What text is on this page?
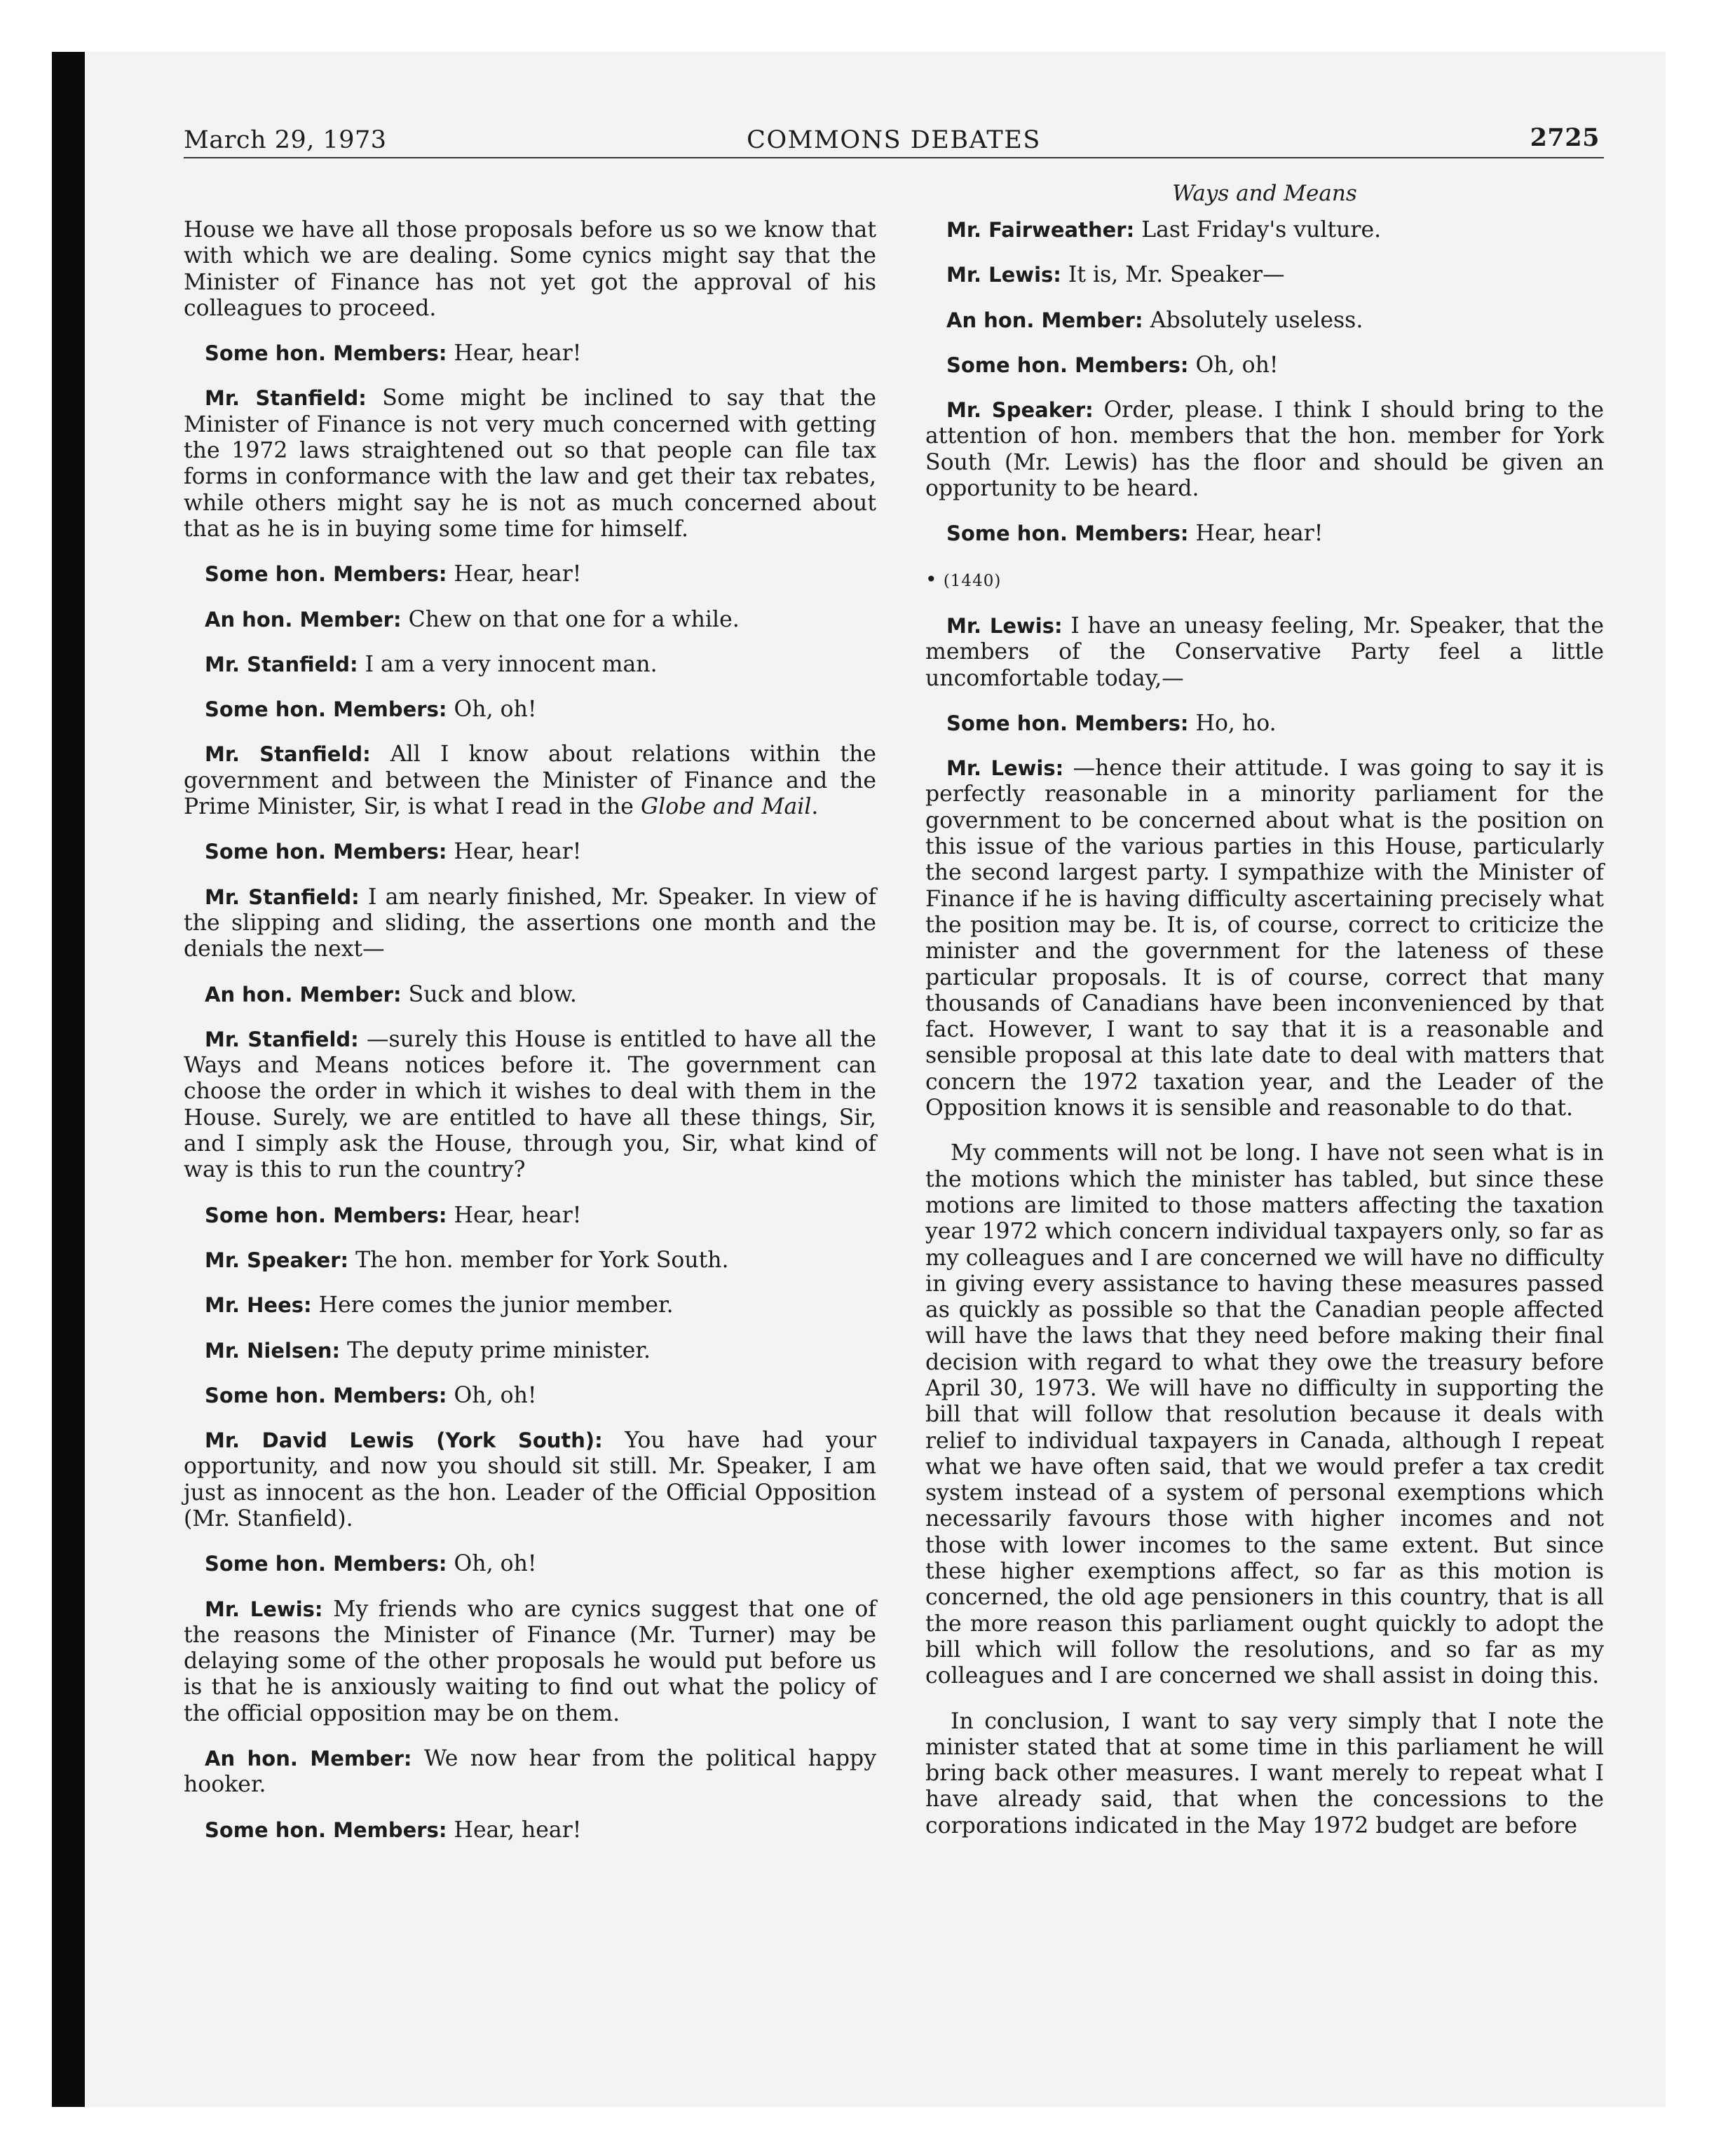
March 29, 1973	COMMONS DEBATES	2725
Ways and Means

House we have all those proposals before us so we know that with which we are dealing. Some cynics might say that the Minister of Finance has not yet got the approval of his colleagues to proceed.

Some hon. Members: Hear, hear!

Mr. Stanfield: Some might be inclined to say that the Minister of Finance is not very much concerned with getting the 1972 laws straightened out so that people can file tax forms in conformance with the law and get their tax rebates, while others might say he is not as much concerned about that as he is in buying some time for himself.

Some hon. Members: Hear, hear!

An hon. Member: Chew on that one for a while.

Mr. Stanfield: I am a very innocent man.

Some hon. Members: Oh, oh!

Mr. Stanfield: All I know about relations within the government and between the Minister of Finance and the Prime Minister, Sir, is what I read in the Globe and Mail.

Some hon. Members: Hear, hear!

Mr. Stanfield: I am nearly finished, Mr. Speaker. In view of the slipping and sliding, the assertions one month and the denials the next—

An hon. Member: Suck and blow.

Mr. Stanfield: —surely this House is entitled to have all the Ways and Means notices before it. The government can choose the order in which it wishes to deal with them in the House. Surely, we are entitled to have all these things, Sir, and I simply ask the House, through you, Sir, what kind of way is this to run the country?

Some hon. Members: Hear, hear!

Mr. Speaker: The hon. member for York South.

Mr. Hees: Here comes the junior member.

Mr. Nielsen: The deputy prime minister.

Some hon. Members: Oh, oh!

Mr. David Lewis (York South): You have had your opportunity, and now you should sit still. Mr. Speaker, I am just as innocent as the hon. Leader of the Official Opposition (Mr. Stanfield).

Some hon. Members: Oh, oh!

Mr. Lewis: My friends who are cynics suggest that one of the reasons the Minister of Finance (Mr. Turner) may be delaying some of the other proposals he would put before us is that he is anxiously waiting to find out what the policy of the official opposition may be on them.

An hon. Member: We now hear from the political happy hooker.

Some hon. Members: Hear, hear!

Mr. Fairweather: Last Friday's vulture.

Mr. Lewis: It is, Mr. Speaker—

An hon. Member: Absolutely useless.

Some hon. Members: Oh, oh!

Mr. Speaker: Order, please. I think I should bring to the attention of hon. members that the hon. member for York South (Mr. Lewis) has the floor and should be given an opportunity to be heard.

Some hon. Members: Hear, hear!

• (1440)

Mr. Lewis: I have an uneasy feeling, Mr. Speaker, that the members of the Conservative Party feel a little uncomfortable today,—

Some hon. Members: Ho, ho.

Mr. Lewis: —hence their attitude. I was going to say it is perfectly reasonable in a minority parliament for the government to be concerned about what is the position on this issue of the various parties in this House, particularly the second largest party. I sympathize with the Minister of Finance if he is having difficulty ascertaining precisely what the position may be. It is, of course, correct to criticize the minister and the government for the lateness of these particular proposals. It is of course, correct that many thousands of Canadians have been inconvenienced by that fact. However, I want to say that it is a reasonable and sensible proposal at this late date to deal with matters that concern the 1972 taxation year, and the Leader of the Opposition knows it is sensible and reasonable to do that.

My comments will not be long. I have not seen what is in the motions which the minister has tabled, but since these motions are limited to those matters affecting the taxation year 1972 which concern individual taxpayers only, so far as my colleagues and I are concerned we will have no difficulty in giving every assistance to having these measures passed as quickly as possible so that the Canadian people affected will have the laws that they need before making their final decision with regard to what they owe the treasury before April 30, 1973. We will have no difficulty in supporting the bill that will follow that resolution because it deals with relief to individual taxpayers in Canada, although I repeat what we have often said, that we would prefer a tax credit system instead of a system of personal exemptions which necessarily favours those with higher incomes and not those with lower incomes to the same extent. But since these higher exemptions affect, so far as this motion is concerned, the old age pensioners in this country, that is all the more reason this parliament ought quickly to adopt the bill which will follow the resolutions, and so far as my colleagues and I are concerned we shall assist in doing this.

In conclusion, I want to say very simply that I note the minister stated that at some time in this parliament he will bring back other measures. I want merely to repeat what I have already said, that when the concessions to the corporations indicated in the May 1972 budget are before
